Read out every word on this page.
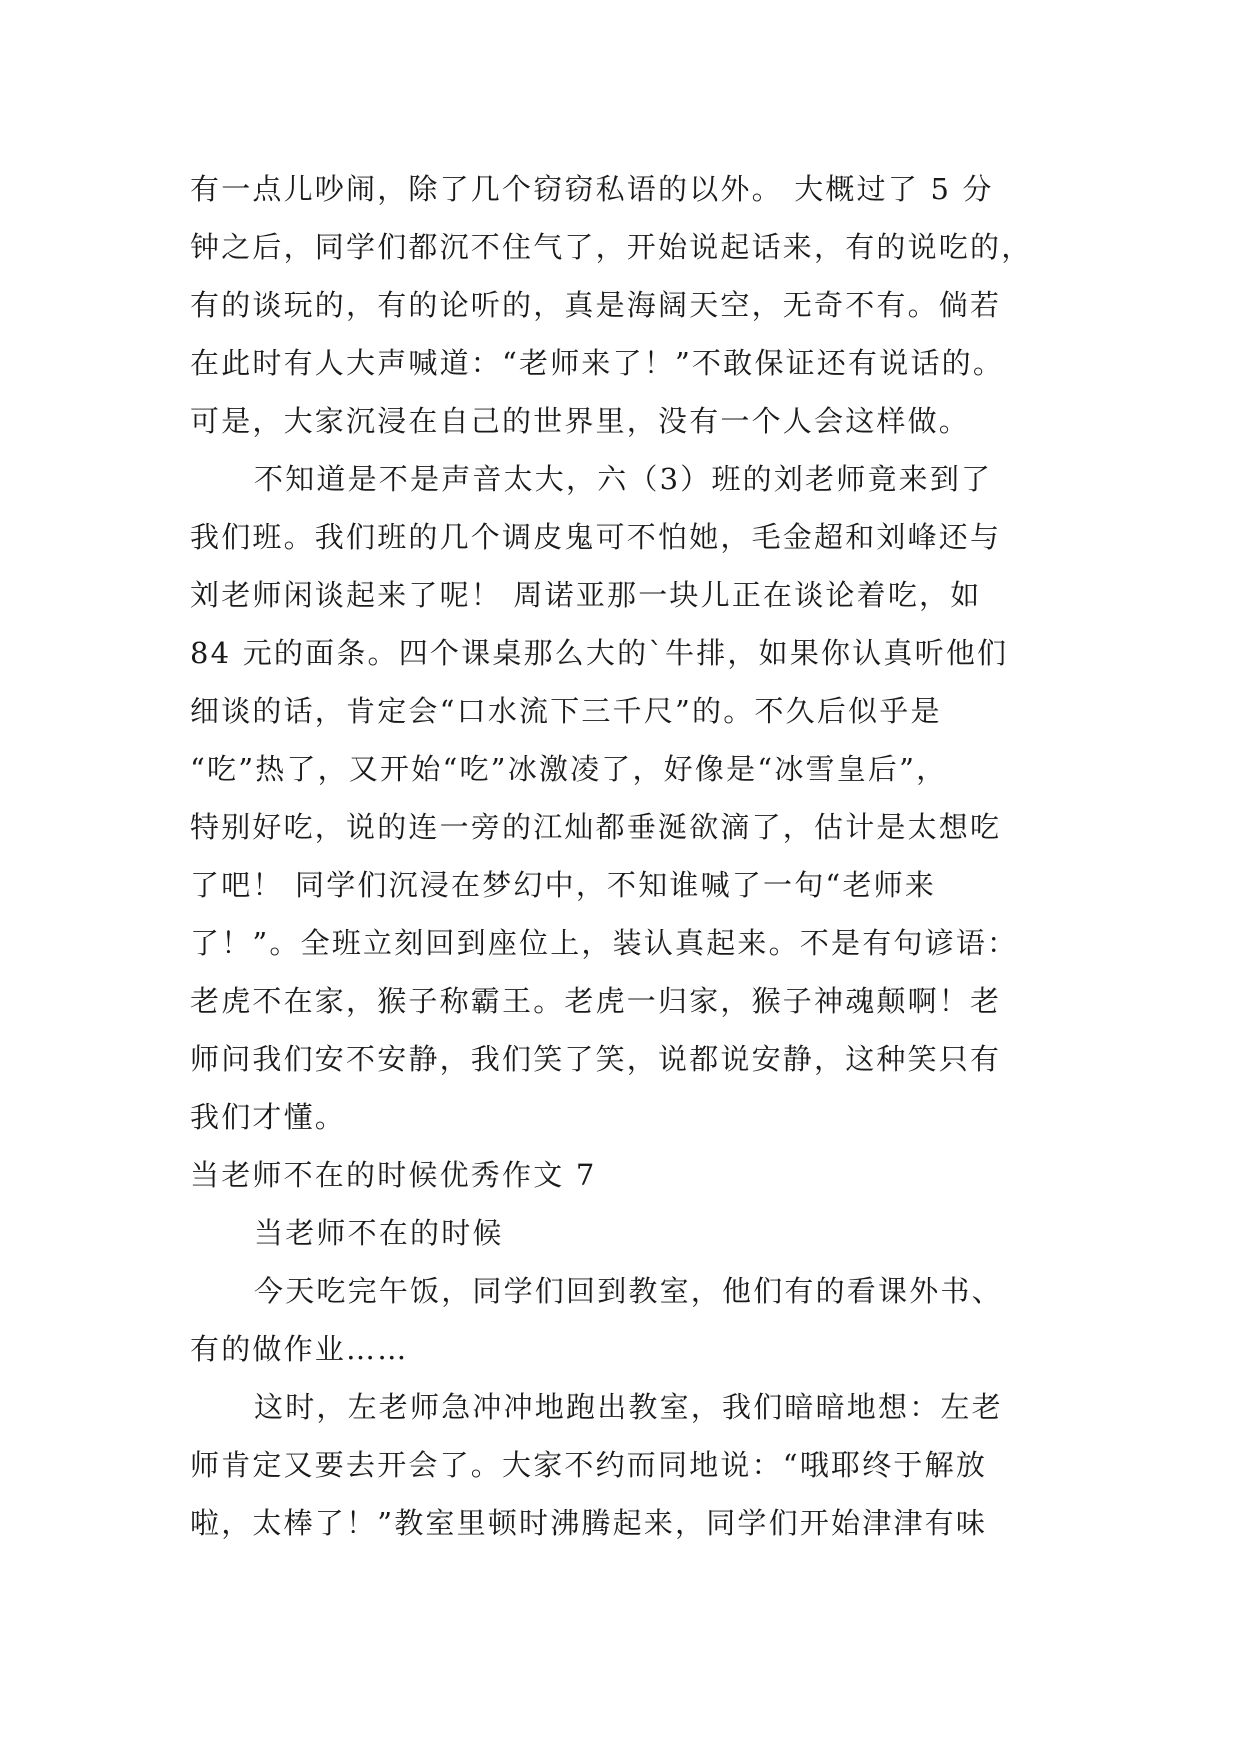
有一点儿吵闹，除了几个窃窃私语的以外。 大概过了 5 分
钟之后，同学们都沉不住气了，开始说起话来，有的说吃的，
有的谈玩的，有的论听的，真是海阔天空，无奇不有。倘若
在此时有人大声喊道：“老师来了！”不敢保证还有说话的。
可是，大家沉浸在自己的世界里，没有一个人会这样做。
不知道是不是声音太大，六（3）班的刘老师竟来到了
我们班。我们班的几个调皮鬼可不怕她，毛金超和刘峰还与
刘老师闲谈起来了呢！ 周诺亚那一块儿正在谈论着吃，如
84 元的面条。四个课桌那么大的`牛排，如果你认真听他们
细谈的话，肯定会“口水流下三千尺”的。不久后似乎是
“吃”热了，又开始“吃”冰激凌了，好像是“冰雪皇后”，
特别好吃，说的连一旁的江灿都垂涎欲滴了，估计是太想吃
了吧！ 同学们沉浸在梦幻中，不知谁喊了一句“老师来
了！”。全班立刻回到座位上，装认真起来。不是有句谚语：
老虎不在家，猴子称霸王。老虎一归家，猴子神魂颠啊！老
师问我们安不安静，我们笑了笑，说都说安静，这种笑只有
我们才懂。
当老师不在的时候优秀作文 7
当老师不在的时候
今天吃完午饭，同学们回到教室，他们有的看课外书、
有的做作业……
这时，左老师急冲冲地跑出教室，我们暗暗地想：左老
师肯定又要去开会了。大家不约而同地说：“哦耶终于解放
啦，太棒了！”教室里顿时沸腾起来，同学们开始津津有味
